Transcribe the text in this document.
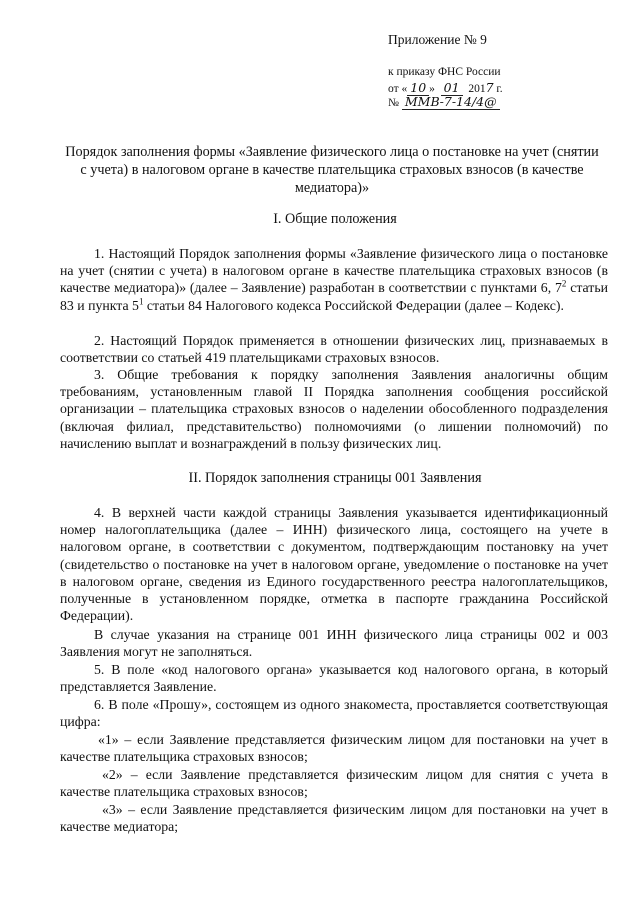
Приложение № 9
к приказу ФНС России
от « 10 » 01 2017 г.
№ ММВ-7-14/4@
Порядок заполнения формы «Заявление физического лица о постановке на учет (снятии с учета) в налоговом органе в качестве плательщика страховых взносов (в качестве медиатора)»
I. Общие положения
1. Настоящий Порядок заполнения формы «Заявление физического лица о постановке на учет (снятии с учета) в налоговом органе в качестве плательщика страховых взносов (в качестве медиатора)» (далее – Заявление) разработан в соответствии с пунктами 6, $7^2$ статьи 83 и пункта $5^1$ статьи 84 Налогового кодекса Российской Федерации (далее – Кодекс).
2. Настоящий Порядок применяется в отношении физических лиц, признаваемых в соответствии со статьей 419 плательщиками страховых взносов.
3. Общие требования к порядку заполнения Заявления аналогичны общим требованиям, установленным главой II Порядка заполнения сообщения российской организации – плательщика страховых взносов о наделении обособленного подразделения (включая филиал, представительство) полномочиями (о лишении полномочий) по начислению выплат и вознаграждений в пользу физических лиц.
II. Порядок заполнения страницы 001 Заявления
4. В верхней части каждой страницы Заявления указывается идентификационный номер налогоплательщика (далее – ИНН) физического лица, состоящего на учете в налоговом органе, в соответствии с документом, подтверждающим постановку на учет (свидетельство о постановке на учет в налоговом органе, уведомление о постановке на учет в налоговом органе, сведения из Единого государственного реестра налогоплательщиков, полученные в установленном порядке, отметка в паспорте гражданина Российской Федерации).
В случае указания на странице 001 ИНН физического лица страницы 002 и 003 Заявления могут не заполняться.
5. В поле «код налогового органа» указывается код налогового органа, в который представляется Заявление.
6. В поле «Прошу», состоящем из одного знакоместа, проставляется соответствующая цифра:
«1» – если Заявление представляется физическим лицом для постановки на учет в качестве плательщика страховых взносов;
«2» – если Заявление представляется физическим лицом для снятия с учета в качестве плательщика страховых взносов;
«3» – если Заявление представляется физическим лицом для постановки на учет в качестве медиатора;
